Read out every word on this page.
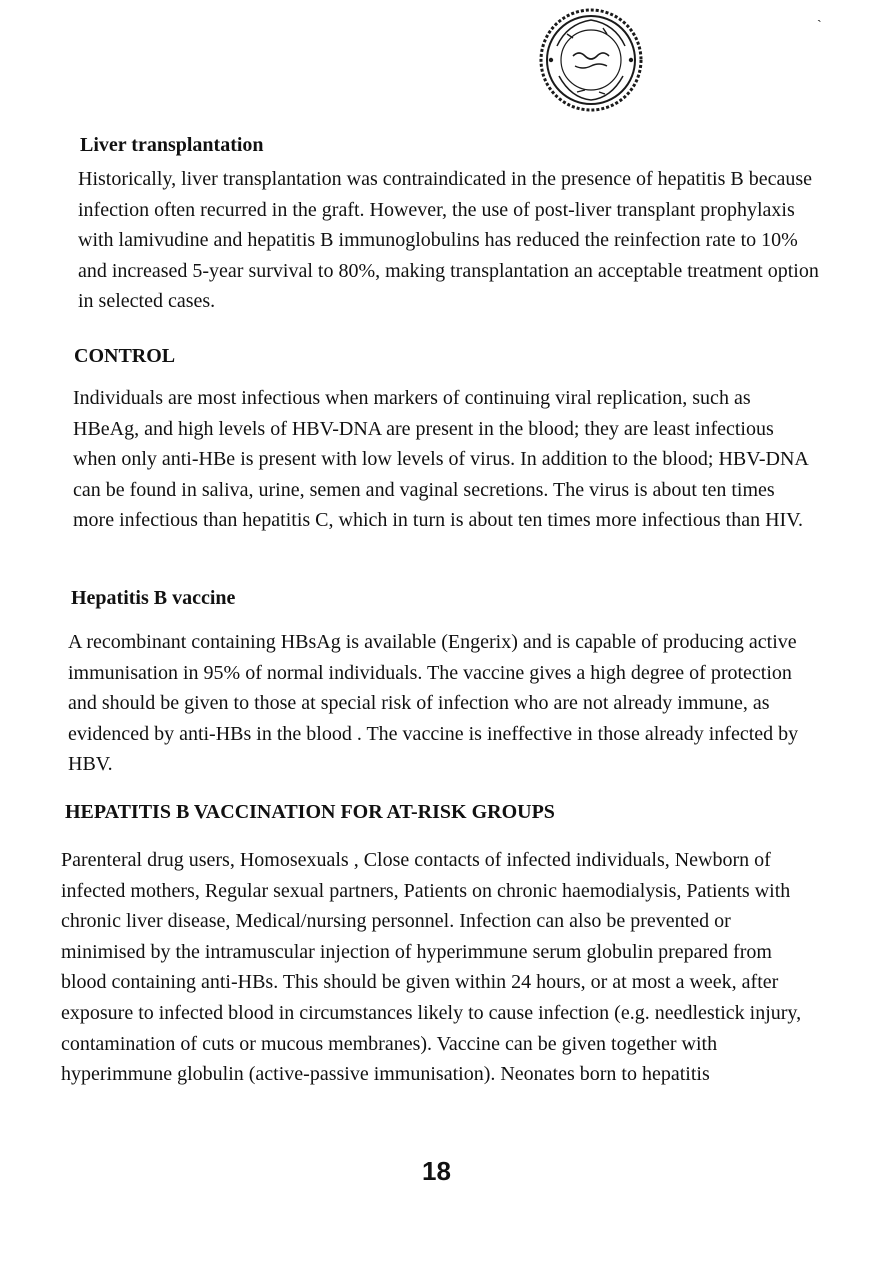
ˏ
Liver transplantation

Historically, liver transplantation was contraindicated in the presence of hepatitis B because infection often recurred in the graft. However, the use of post-liver transplant prophylaxis with lamivudine and hepatitis B immunoglobulins has reduced the reinfection rate to 10% and increased 5-year survival to 80%, making transplantation an acceptable treatment option in selected cases.

CONTROL

Individuals are most infectious when markers of continuing viral replication, such as HBeAg, and high levels of HBV-DNA are present in the blood; they are least infectious when only anti-HBe is present with low levels of virus. In addition to the blood; HBV-DNA can be found in saliva, urine, semen and vaginal secretions. The virus is about ten times more infectious than hepatitis C, which in turn is about ten times more infectious than HIV.

Hepatitis B vaccine

A recombinant containing HBsAg is available (Engerix) and is capable of producing active immunisation in 95% of normal individuals. The vaccine gives a high degree of protection and should be given to those at special risk of infection who are not already immune, as evidenced by anti-HBs in the blood . The vaccine is ineffective in those already infected by HBV.

HEPATITIS B VACCINATION FOR AT-RISK GROUPS

Parenteral drug users, Homosexuals , Close contacts of infected individuals, Newborn of infected mothers, Regular sexual partners, Patients on chronic haemodialysis, Patients with chronic liver disease, Medical/nursing personnel. Infection can also be prevented or minimised by the intramuscular injection of hyperimmune serum globulin prepared from blood containing anti-HBs. This should be given within 24 hours, or at most a week, after exposure to infected blood in circumstances likely to cause infection (e.g. needlestick injury, contamination of cuts or mucous membranes). Vaccine can be given together with hyperimmune globulin (active-passive immunisation). Neonates born to hepatitis

18
